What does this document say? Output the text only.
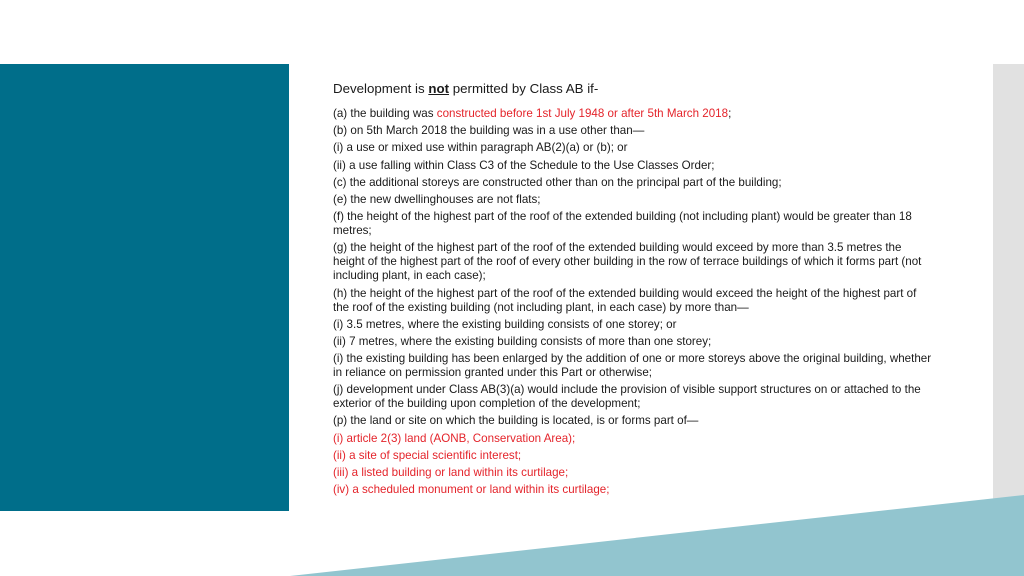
Development is not permitted by Class AB if-

(a) the building was constructed before 1st July 1948 or after 5th March 2018;

(b) on 5th March 2018 the building was in a use other than—

(i) a use or mixed use within paragraph AB(2)(a) or (b); or

(ii) a use falling within Class C3 of the Schedule to the Use Classes Order;

(c) the additional storeys are constructed other than on the principal part of the building;

(e) the new dwellinghouses are not flats;

(f) the height of the highest part of the roof of the extended building (not including plant) would be greater than 18 metres;

(g) the height of the highest part of the roof of the extended building would exceed by more than 3.5 metres the height of the highest part of the roof of every other building in the row of terrace buildings of which it forms part (not including plant, in each case);

(h) the height of the highest part of the roof of the extended building would exceed the height of the highest part of the roof of the existing building (not including plant, in each case) by more than—

(i) 3.5 metres, where the existing building consists of one storey; or

(ii) 7 metres, where the existing building consists of more than one storey;

(i) the existing building has been enlarged by the addition of one or more storeys above the original building, whether in reliance on permission granted under this Part or otherwise;

(j) development under Class AB(3)(a) would include the provision of visible support structures on or attached to the exterior of the building upon completion of the development;

(p) the land or site on which the building is located, is or forms part of—

(i) article 2(3) land (AONB, Conservation Area);

(ii) a site of special scientific interest;

(iii) a listed building or land within its curtilage;

(iv) a scheduled monument or land within its curtilage;
